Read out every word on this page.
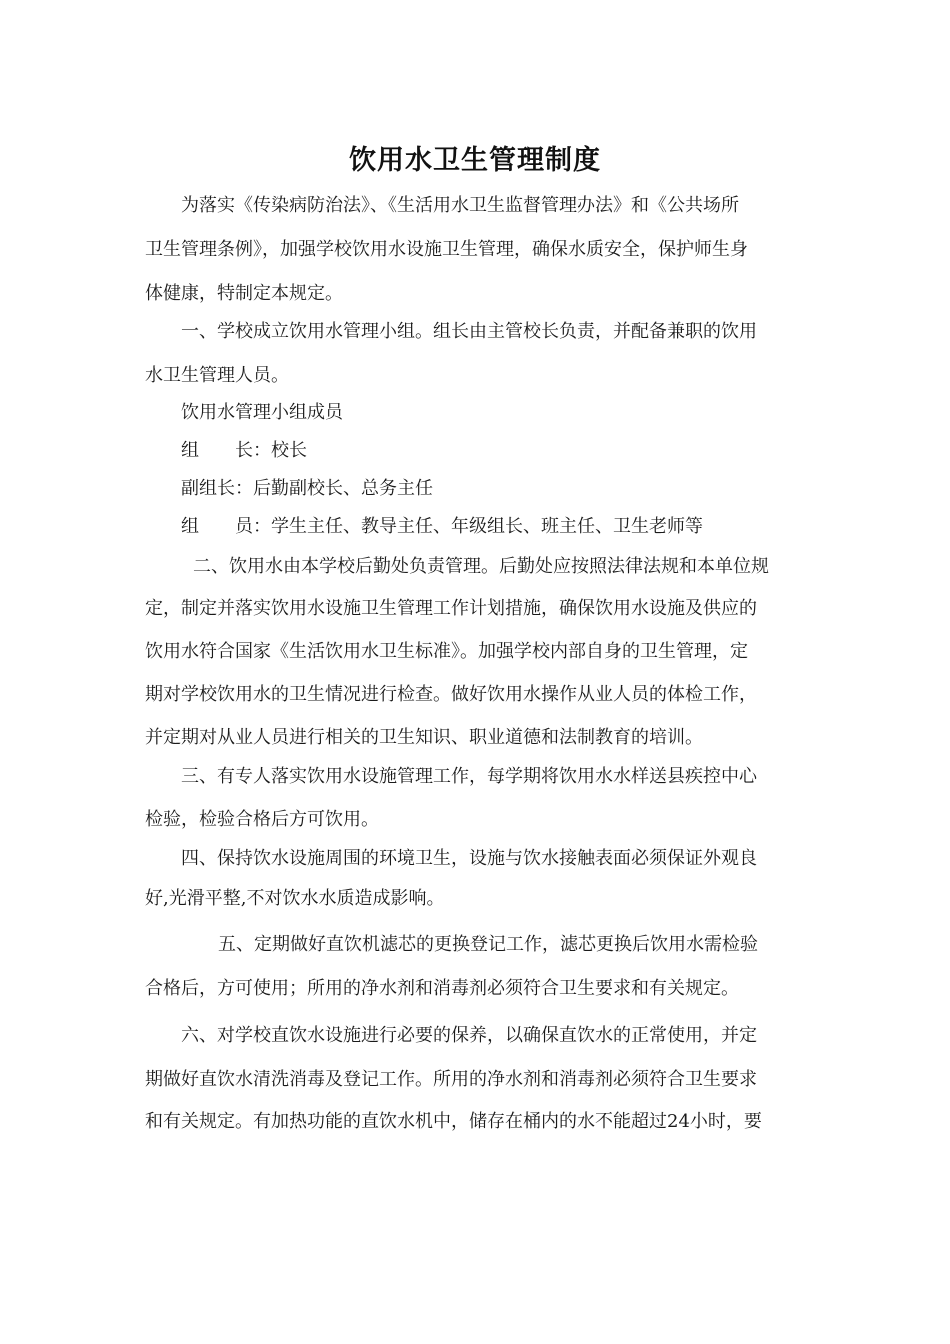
饮用水卫生管理制度
为落实《传染病防治法》、《生活用水卫生监督管理办法》和《公共场所
卫生管理条例》，加强学校饮用水设施卫生管理，确保水质安全，保护师生身
体健康，特制定本规定。
一、学校成立饮用水管理小组。组长由主管校长负责，并配备兼职的饮用
水卫生管理人员。
饮用水管理小组成员
组　　长：校长
副组长：后勤副校长、总务主任
组　　员：学生主任、教导主任、年级组长、班主任、卫生老师等
二、饮用水由本学校后勤处负责管理。后勤处应按照法律法规和本单位规
定，制定并落实饮用水设施卫生管理工作计划措施，确保饮用水设施及供应的
饮用水符合国家《生活饮用水卫生标准》。加强学校内部自身的卫生管理，定
期对学校饮用水的卫生情况进行检查。做好饮用水操作从业人员的体检工作，
并定期对从业人员进行相关的卫生知识、职业道德和法制教育的培训。
三、有专人落实饮用水设施管理工作，每学期将饮用水水样送县疾控中心
检验，检验合格后方可饮用。
四、保持饮水设施周围的环境卫生，设施与饮水接触表面必须保证外观良
好,光滑平整,不对饮水水质造成影响。
五、定期做好直饮机滤芯的更换登记工作，滤芯更换后饮用水需检验
合格后，方可使用；所用的净水剂和消毒剂必须符合卫生要求和有关规定。
六、对学校直饮水设施进行必要的保养，以确保直饮水的正常使用，并定
期做好直饮水清洗消毒及登记工作。所用的净水剂和消毒剂必须符合卫生要求
和有关规定。有加热功能的直饮水机中，储存在桶内的水不能超过24小时，要
